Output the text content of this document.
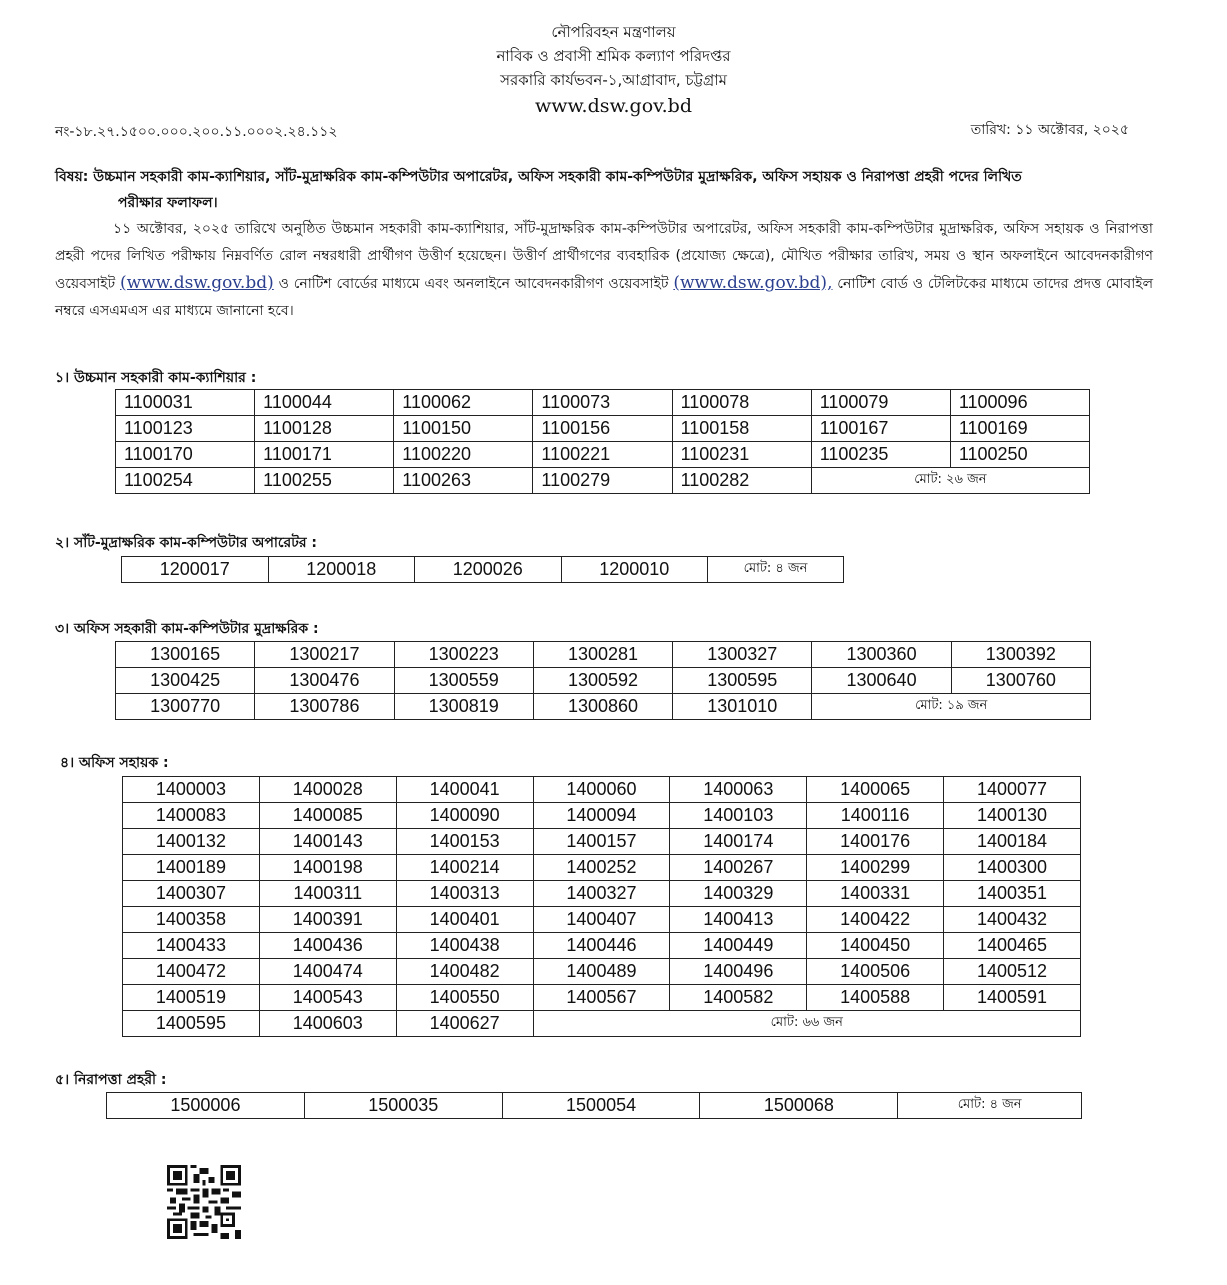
নৌপরিবহন মন্ত্রণালয়
নাবিক ও প্রবাসী শ্রমিক কল্যাণ পরিদপ্তর
সরকারি কার্যভবন-১,আগ্রাবাদ, চট্টগ্রাম
www.dsw.gov.bd
নং-১৮.২৭.১৫০০.০০০.২০০.১১.০০০২.২৪.১১২	তারিখ: ১১ অক্টোবর, ২০২৫
বিষয়: উচ্চমান সহকারী কাম-ক্যাশিয়ার, সাঁট-মুদ্রাক্ষরিক কাম-কম্পিউটার অপারেটর, অফিস সহকারী কাম-কম্পিউটার মুদ্রাক্ষরিক, অফিস সহায়ক ও নিরাপত্তা প্রহরী পদের লিখিত
পরীক্ষার ফলাফল।
১১ অক্টোবর, ২০২৫ তারিখে অনুষ্ঠিত উচ্চমান সহকারী কাম-ক্যাশিয়ার, সাঁট-মুদ্রাক্ষরিক কাম-কম্পিউটার অপারেটর, অফিস সহকারী কাম-কম্পিউটার মুদ্রাক্ষরিক, অফিস সহায়ক ও নিরাপত্তা প্রহরী পদের লিখিত পরীক্ষায় নিম্নবর্ণিত রোল নম্বরধারী প্রার্থীগণ উত্তীর্ণ হয়েছেন। উত্তীর্ণ প্রার্থীগণের ব্যবহারিক (প্রযোজ্য ক্ষেত্রে), মৌখিত পরীক্ষার তারিখ, সময় ও স্থান অফলাইনে আবেদনকারীগণ ওয়েবসাইট (www.dsw.gov.bd) ও নোটিশ বোর্ডের মাধ্যমে এবং অনলাইনে আবেদনকারীগণ ওয়েবসাইট (www.dsw.gov.bd), নোটিশ বোর্ড ও টেলিটকের মাধ্যমে তাদের প্রদত্ত মোবাইল নম্বরে এসএমএস এর মাধ্যমে জানানো হবে।
১। উচ্চমান সহকারী কাম-ক্যাশিয়ার :
1100031	1100044	1100062	1100073	1100078	1100079	1100096
1100123	1100128	1100150	1100156	1100158	1100167	1100169
1100170	1100171	1100220	1100221	1100231	1100235	1100250
1100254	1100255	1100263	1100279	1100282	মোট: ২৬ জন	
২। সাঁট-মুদ্রাক্ষরিক কাম-কম্পিউটার অপারেটর :
1200017	1200018	1200026	1200010	মোট: ৪ জন
৩। অফিস সহকারী কাম-কম্পিউটার মুদ্রাক্ষরিক :
1300165	1300217	1300223	1300281	1300327	1300360	1300392
1300425	1300476	1300559	1300592	1300595	1300640	1300760
1300770	1300786	1300819	1300860	1301010	মোট: ১৯ জন	
৪। অফিস সহায়ক :
1400003	1400028	1400041	1400060	1400063	1400065	1400077
1400083	1400085	1400090	1400094	1400103	1400116	1400130
1400132	1400143	1400153	1400157	1400174	1400176	1400184
1400189	1400198	1400214	1400252	1400267	1400299	1400300
1400307	1400311	1400313	1400327	1400329	1400331	1400351
1400358	1400391	1400401	1400407	1400413	1400422	1400432
1400433	1400436	1400438	1400446	1400449	1400450	1400465
1400472	1400474	1400482	1400489	1400496	1400506	1400512
1400519	1400543	1400550	1400567	1400582	1400588	1400591
1400595	1400603	1400627	মোট: ৬৬ জন			
৫। নিরাপত্তা প্রহরী :
1500006	1500035	1500054	1500068	মোট: ৪ জন
